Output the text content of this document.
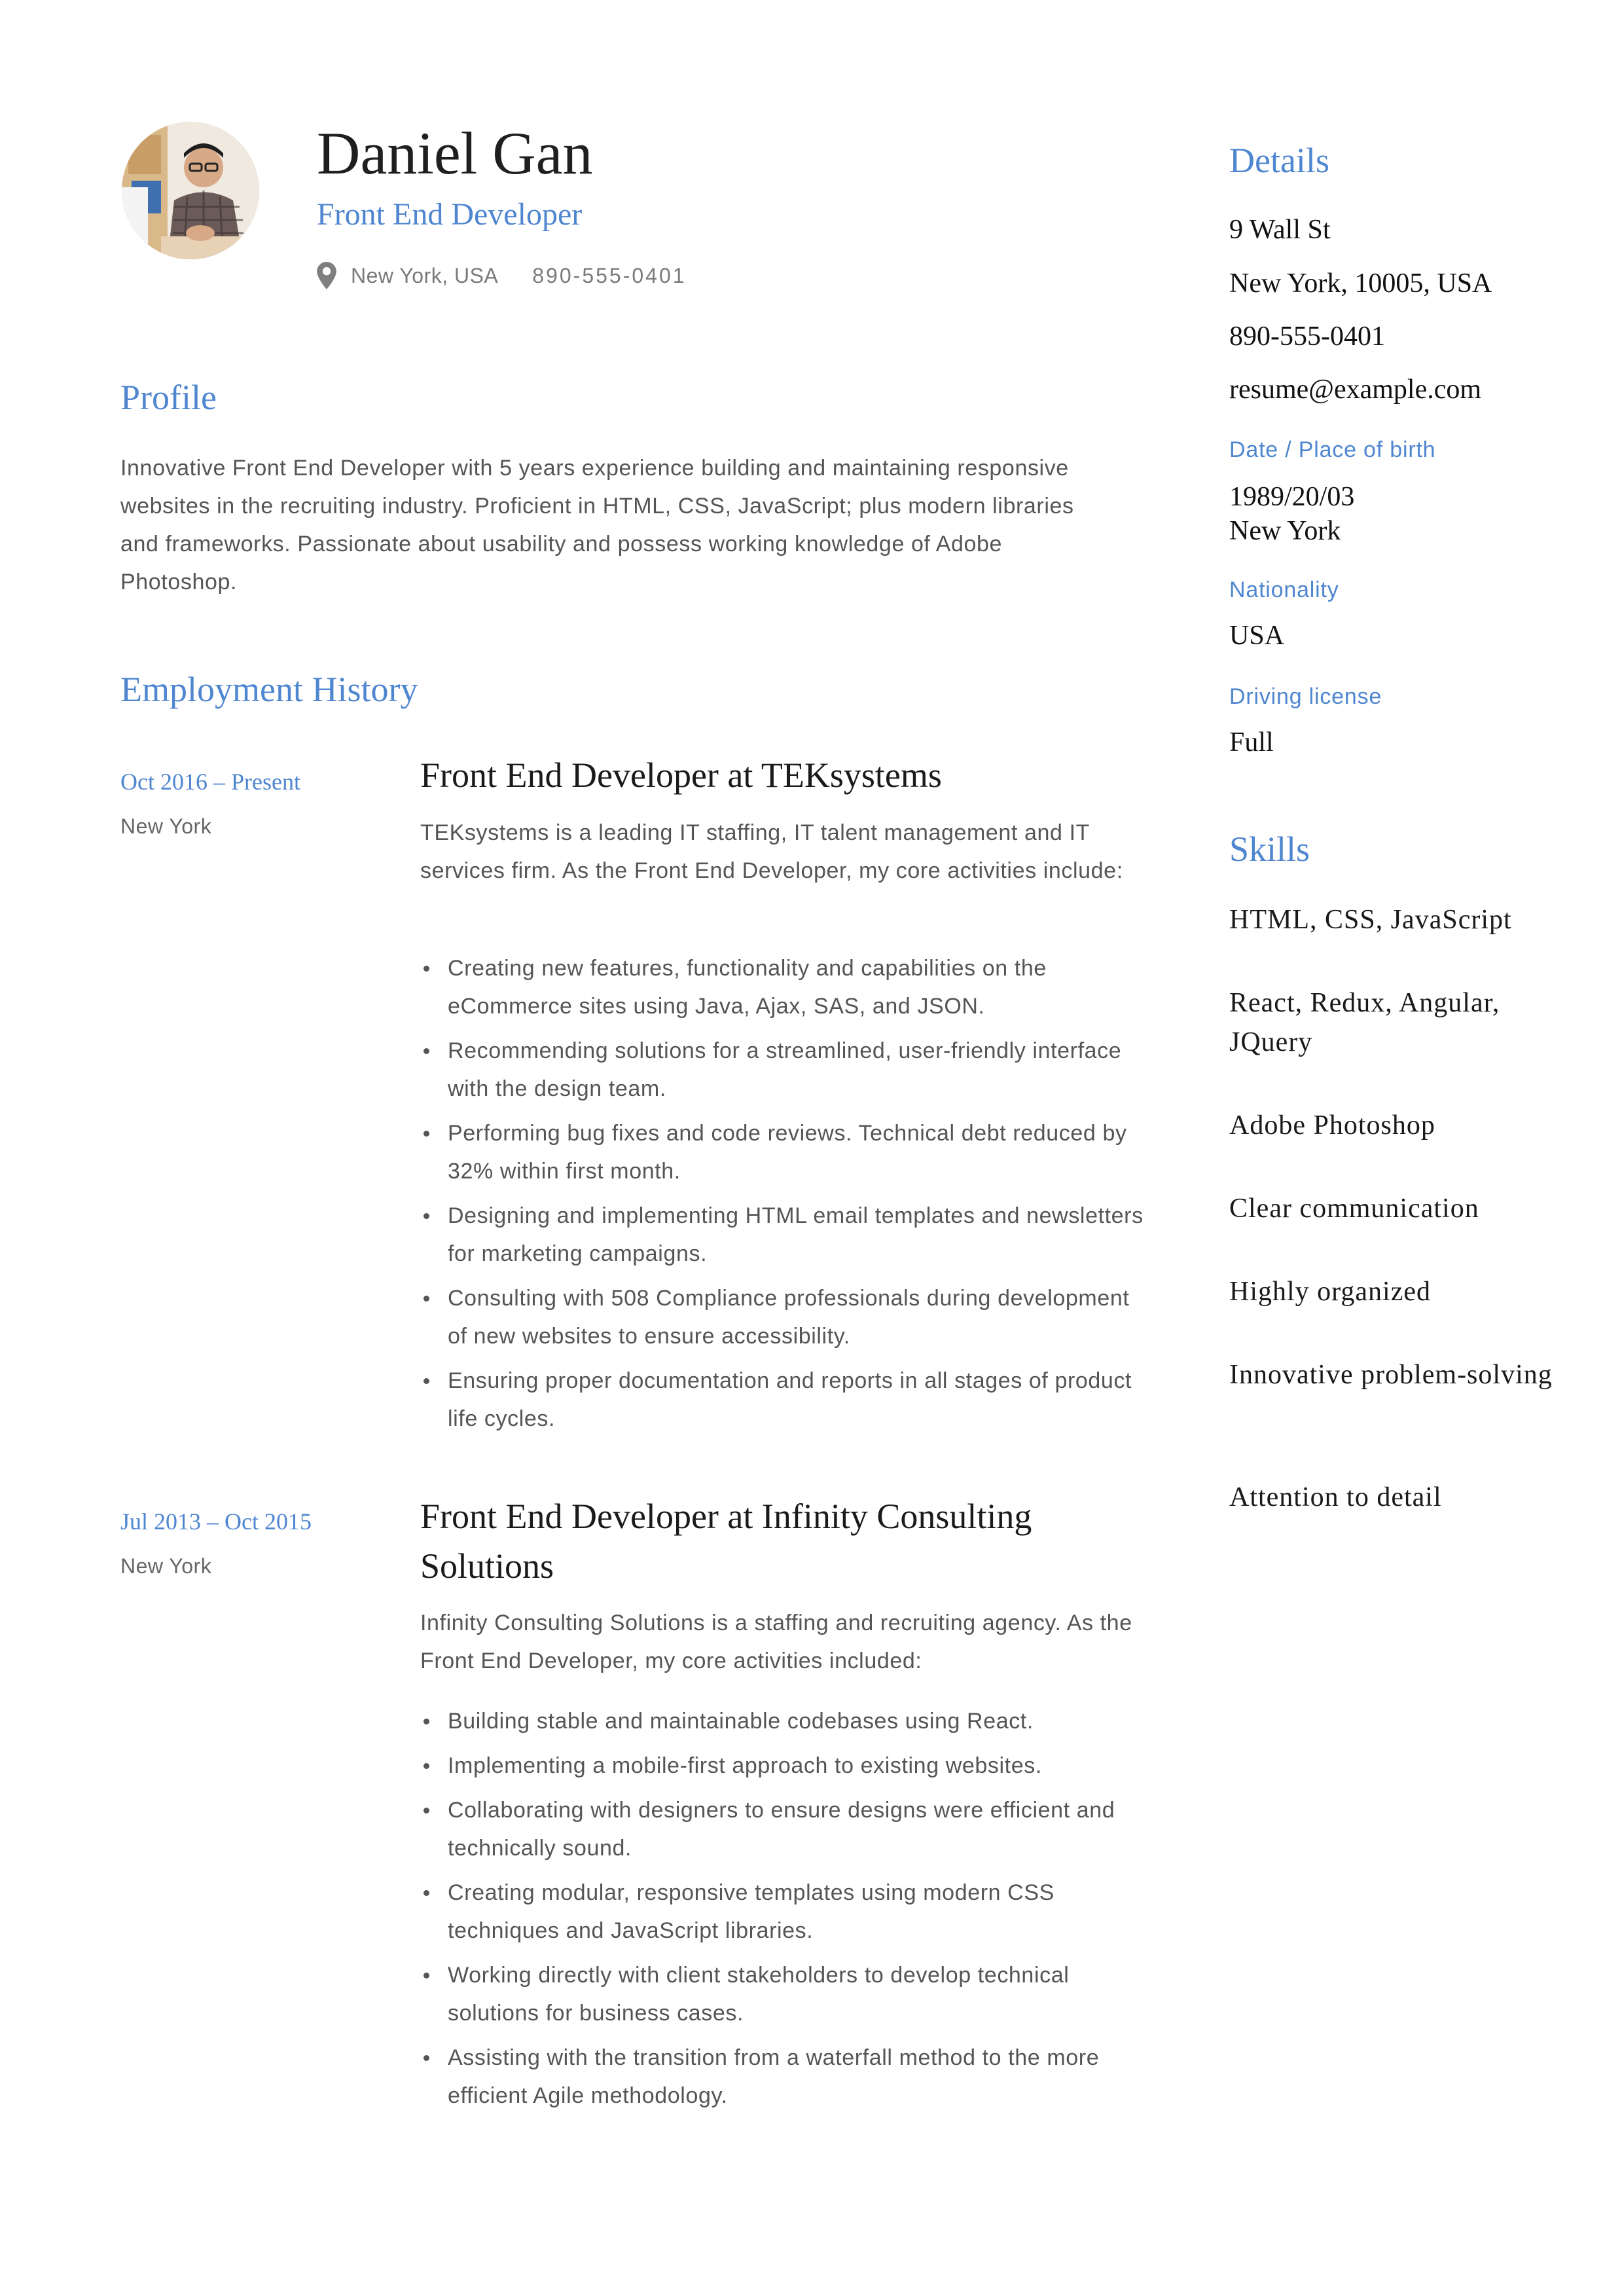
Daniel Gan
Front End Developer
New York, USA 890-555-0401
Profile
Innovative Front End Developer with 5 years experience building and maintaining responsive websites in the recruiting industry. Proficient in HTML, CSS, JavaScript; plus modern libraries and frameworks. Passionate about usability and possess working knowledge of Adobe Photoshop.
Employment History
Oct 2016 – Present
New York
Front End Developer at TEKsystems
TEKsystems is a leading IT staffing, IT talent management and IT services firm. As the Front End Developer, my core activities include:
Creating new features, functionality and capabilities on the eCommerce sites using Java, Ajax, SAS, and JSON.
Recommending solutions for a streamlined, user-friendly interface with the design team.
Performing bug fixes and code reviews. Technical debt reduced by 32% within first month.
Designing and implementing HTML email templates and newsletters for marketing campaigns.
Consulting with 508 Compliance professionals during development of new websites to ensure accessibility.
Ensuring proper documentation and reports in all stages of product life cycles.
Jul 2013 – Oct 2015
New York
Front End Developer at Infinity Consulting Solutions
Infinity Consulting Solutions is a staffing and recruiting agency. As the Front End Developer, my core activities included:
Building stable and maintainable codebases using React.
Implementing a mobile-first approach to existing websites.
Collaborating with designers to ensure designs were efficient and technically sound.
Creating modular, responsive templates using modern CSS techniques and JavaScript libraries.
Working directly with client stakeholders to develop technical solutions for business cases.
Assisting with the transition from a waterfall method to the more efficient Agile methodology.
Details
9 Wall St
New York, 10005, USA
890-555-0401
resume@example.com
Date / Place of birth
1989/20/03
New York
Nationality
USA
Driving license
Full
Skills
HTML, CSS, JavaScript
React, Redux, Angular, JQuery
Adobe Photoshop
Clear communication
Highly organized
Innovative problem-solving
Attention to detail
